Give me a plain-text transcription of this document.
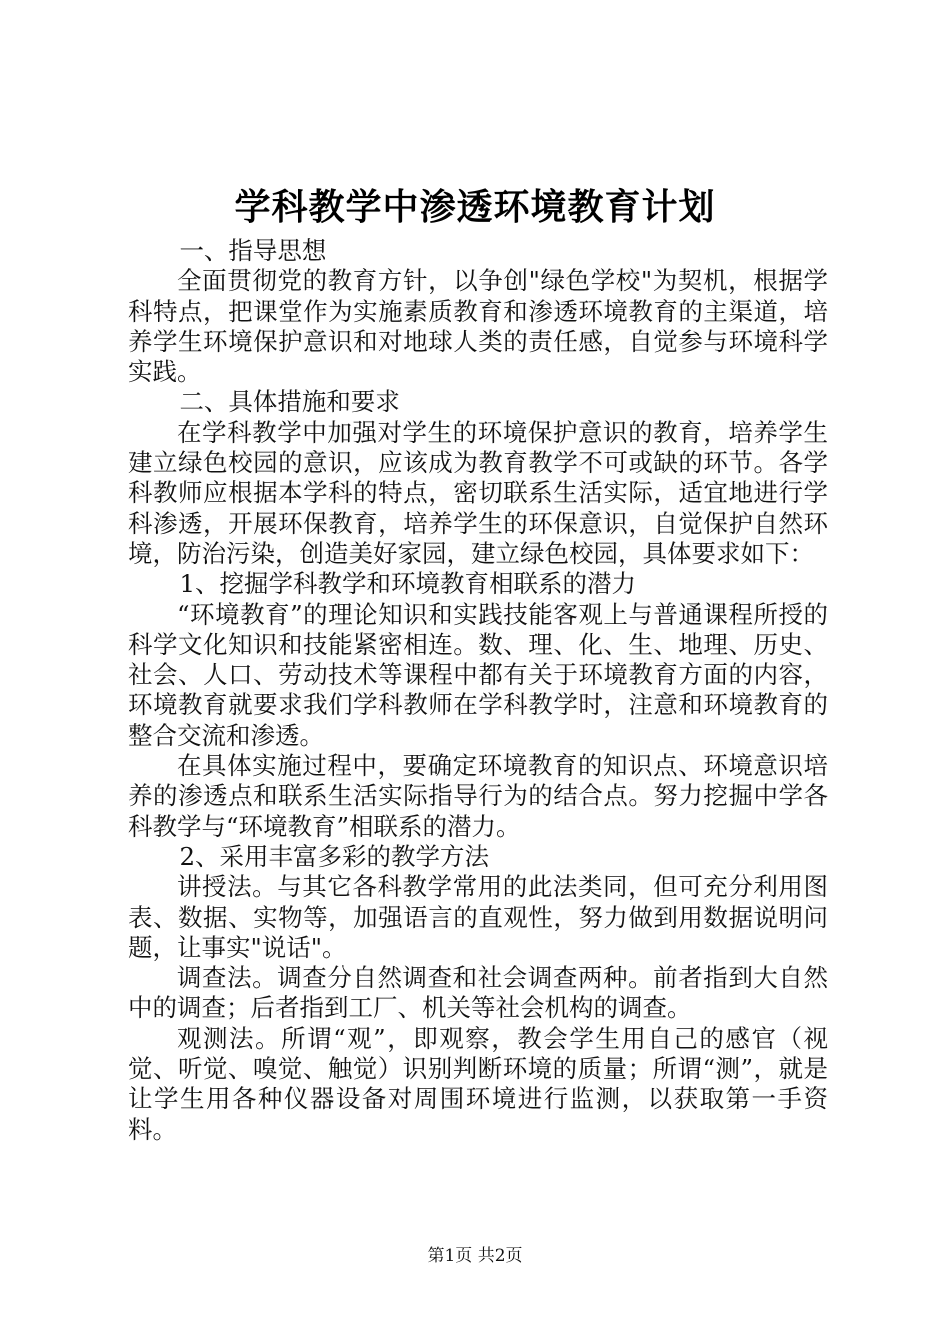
学科教学中渗透环境教育计划

一、指导思想

全面贯彻党的教育方针，以争创"绿色学校"为契机，根据学科特点，把课堂作为实施素质教育和渗透环境教育的主渠道，培养学生环境保护意识和对地球人类的责任感，自觉参与环境科学实践。

二、具体措施和要求

在学科教学中加强对学生的环境保护意识的教育，培养学生建立绿色校园的意识，应该成为教育教学不可或缺的环节。各学科教师应根据本学科的特点，密切联系生活实际，适宜地进行学科渗透，开展环保教育，培养学生的环保意识，自觉保护自然环境，防治污染，创造美好家园，建立绿色校园，具体要求如下：

1、挖掘学科教学和环境教育相联系的潜力

“环境教育”的理论知识和实践技能客观上与普通课程所授的科学文化知识和技能紧密相连。数、理、化、生、地理、历史、社会、人口、劳动技术等课程中都有关于环境教育方面的内容，环境教育就要求我们学科教师在学科教学时，注意和环境教育的整合交流和渗透。

在具体实施过程中，要确定环境教育的知识点、环境意识培养的渗透点和联系生活实际指导行为的结合点。努力挖掘中学各科教学与“环境教育”相联系的潜力。

2、采用丰富多彩的教学方法

讲授法。与其它各科教学常用的此法类同，但可充分利用图表、数据、实物等，加强语言的直观性，努力做到用数据说明问题，让事实"说话"。

调查法。调查分自然调查和社会调查两种。前者指到大自然中的调查；后者指到工厂、机关等社会机构的调查。

观测法。所谓“观”，即观察，教会学生用自己的感官（视觉、听觉、嗅觉、触觉）识别判断环境的质量；所谓“测”，就是让学生用各种仪器设备对周围环境进行监测，以获取第一手资料。

第1页 共2页
